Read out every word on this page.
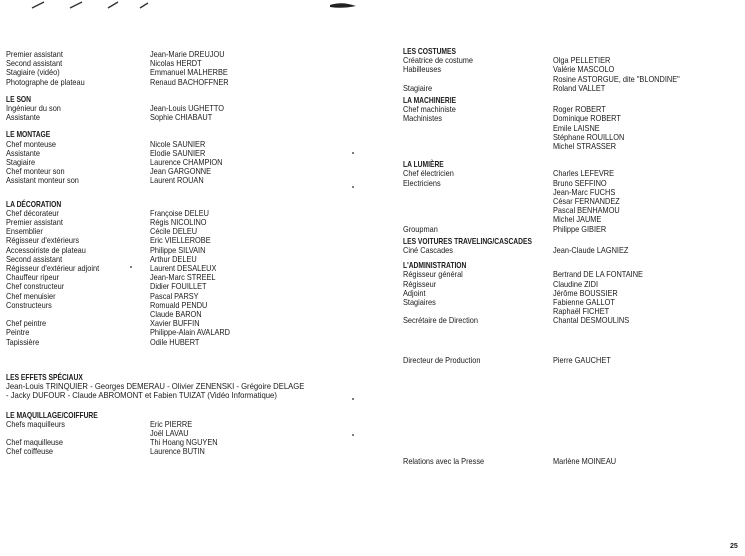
Premier assistant	Jean-Marie DREUJOU
Second assistant	Nicolas HERDT
Stagiaire (vidéo)	Emmanuel MALHERBE
Photographe de plateau	Renaud BACHOFFNER
LE SON
Ingénieur du son	Jean-Louis UGHETTO
Assistante	Sophie CHIABAUT
LE MONTAGE
Chef monteuse	Nicole SAUNIER
Assistante	Elodie SAUNIER
Stagiaire	Laurence CHAMPION
Chef monteur son	Jean GARGONNE
Assistant monteur son	Laurent ROUAN
LA DÉCORATION
Chef décorateur	Françoise DELEU
Premier assistant	Régis NICOLINO
Ensemblier	Cécile DELEU
Régisseur d'extérieurs	Eric VIELLEROBE
Accessoiriste de plateau	Philippe SILVAIN
Second assistant	Arthur DELEU
Régisseur d'extérieur adjoint	Laurent DESALEUX
Chauffeur ripeur	Jean-Marc STREEL
Chef constructeur	Didier FOUILLET
Chef menuisier	Pascal PARSY
Constructeurs	Romuald PENDU
Claude BARON
Chef peintre	Xavier BUFFIN
Peintre	Philippe-Alain AVALARD
Tapissière	Odile HUBERT
LES EFFETS SPÉCIAUX
Jean-Louis TRINQUIER - Georges DEMERAU - Olivier ZENENSKI - Grégoire DELAGE - Jacky DUFOUR - Claude ABROMONT et Fabien TUIZAT (Vidéo Informatique)
LE MAQUILLAGE/COIFFURE
Chefs maquilleurs	Eric PIERRE
Joël LAVAU
Chef maquilleuse	Thi Hoang NGUYEN
Chef coiffeuse	Laurence BUTIN
LES COSTUMES
Créatrice de costume	Olga PELLETIER
Habilleuses	Valérie MASCOLO
Rosine ASTORGUE, dite "BLONDINE"
Stagiaire	Roland VALLET
LA MACHINERIE
Chef machiniste	Roger ROBERT
Machinistes	Dominique ROBERT
Emile LAISNE
Stéphane ROUILLON
Michel STRASSER
LA LUMIÈRE
Chef électricien	Charles LEFEVRE
Electriciens	Bruno SEFFINO
Jean-Marc FUCHS
César FERNANDEZ
Pascal BENHAMOU
Michel JAUME
Groupman	Philippe GIBIER
LES VOITURES TRAVELING/CASCADES
Ciné Cascades	Jean-Claude LAGNIEZ
L'ADMINISTRATION
Régisseur général	Bertrand DE LA FONTAINE
Régisseur	Claudine ZIDI
Adjoint	Jérôme BOUSSIER
Stagiaires	Fabienne GALLOT
Raphaël FICHET
Secrétaire de Direction	Chantal DESMOULINS
Directeur de Production	Pierre GAUCHET
Relations avec la Presse	Marlène MOINEAU
25
